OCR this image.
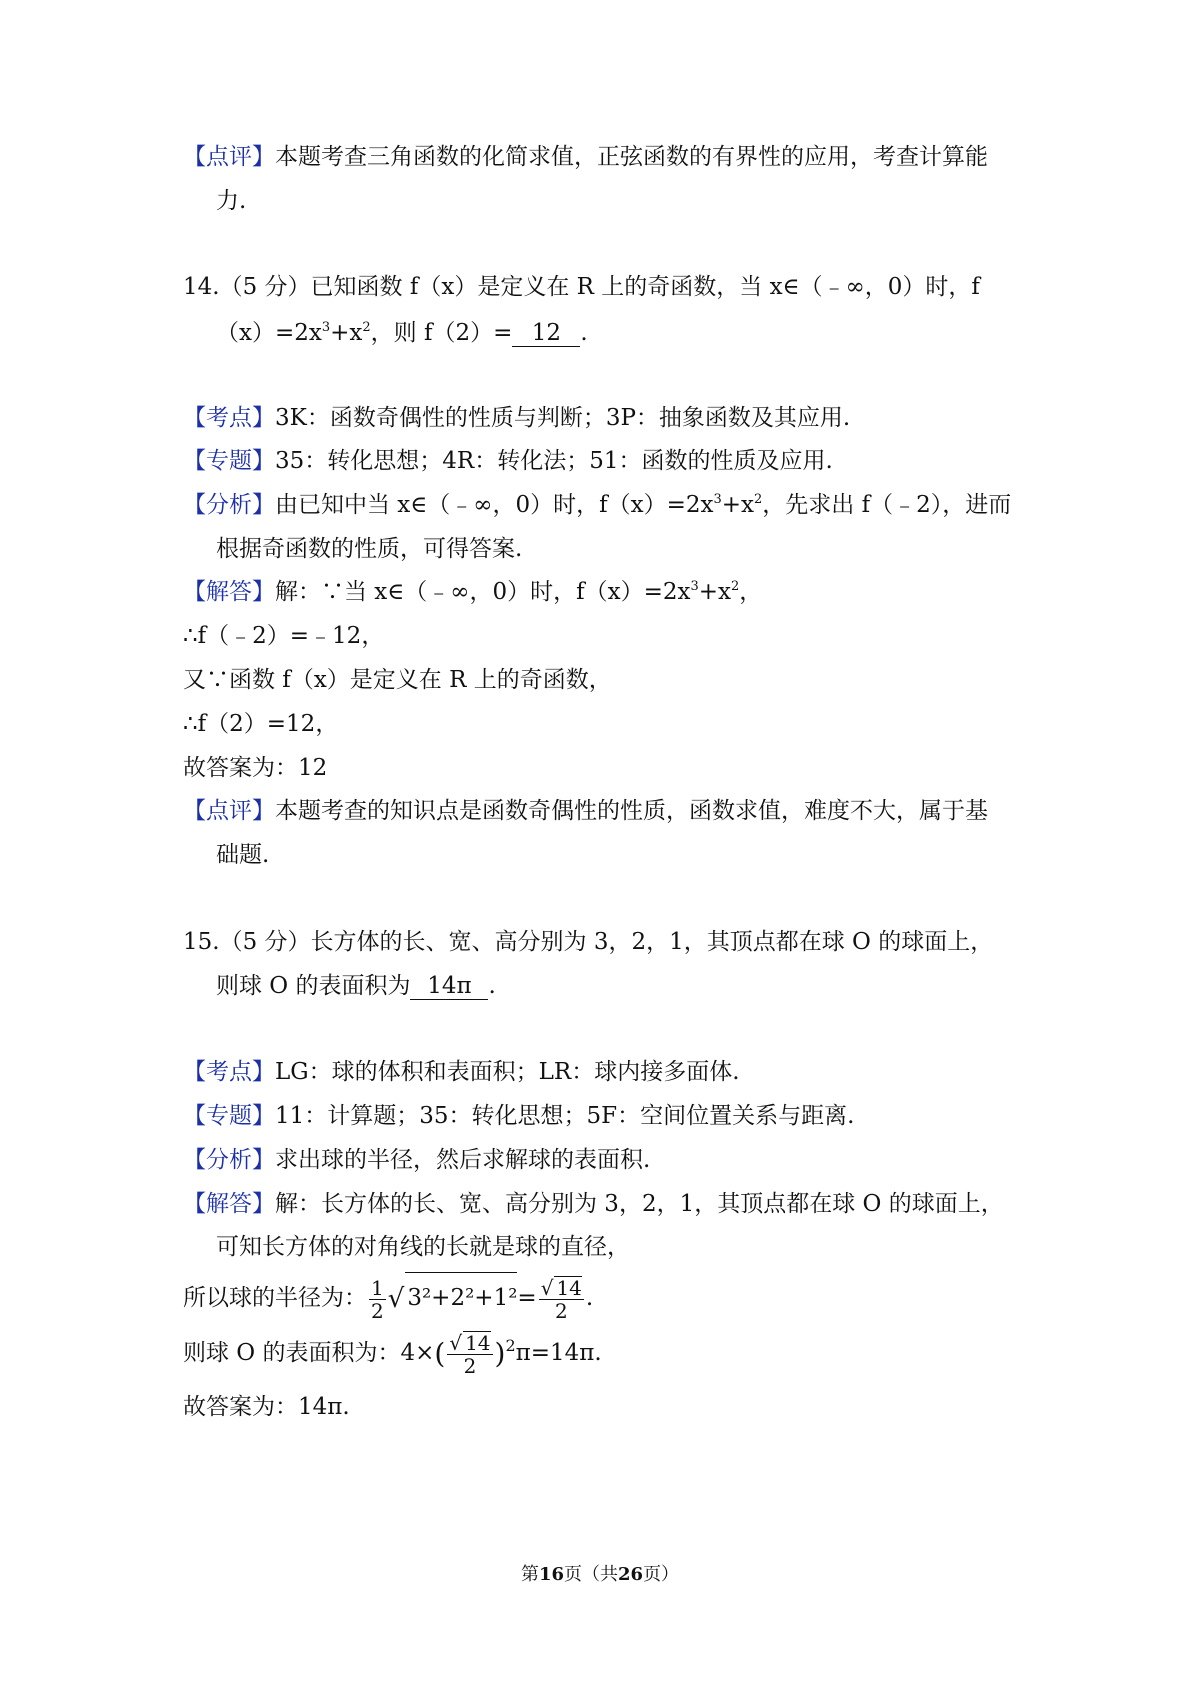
【点评】本题考查三角函数的化简求值，正弦函数的有界性的应用，考查计算能
力.
14.（5 分）已知函数 f（x）是定义在 R 上的奇函数，当 x∈（﹣∞，0）时，f
$(x)=2x^3+x^2$，则 f（2）= 12 .
【考点】3K：函数奇偶性的性质与判断；3P：抽象函数及其应用.
【专题】35：转化思想；4R：转化法；51：函数的性质及应用.
【分析】由已知中当 x∈（﹣∞，0）时，$f(x)=2x^3+x^2$，先求出 f（﹣2），进而
根据奇函数的性质，可得答案.
【解答】解：∵当 x∈（﹣∞，0）时，$f(x)=2x^3+x^2$，
∴f（﹣2）=﹣12，
又∵函数 f（x）是定义在 R 上的奇函数，
∴f（2）=12，
故答案为：12
【点评】本题考查的知识点是函数奇偶性的性质，函数求值，难度不大，属于基
础题.
15.（5 分）长方体的长、宽、高分别为 3，2，1，其顶点都在球 O 的球面上，
则球 O 的表面积为 14π .
【考点】LG：球的体积和表面积；LR：球内接多面体.
【专题】11：计算题；35：转化思想；5F：空间位置关系与距离.
【分析】求出球的半径，然后求解球的表面积.
【解答】解：长方体的长、宽、高分别为 3，2，1，其顶点都在球 O 的球面上，
可知长方体的对角线的长就是球的直径，
所以球的半径为： $\frac{1}{2}$ √ $3^2+2^2+1^2= \frac{√ 14}{2}$ .
则球 O 的表面积为：$4\times( \frac{√ 14}{2} )^2\pi=14\pi$.
故答案为：14π.
第16页（共26页）
